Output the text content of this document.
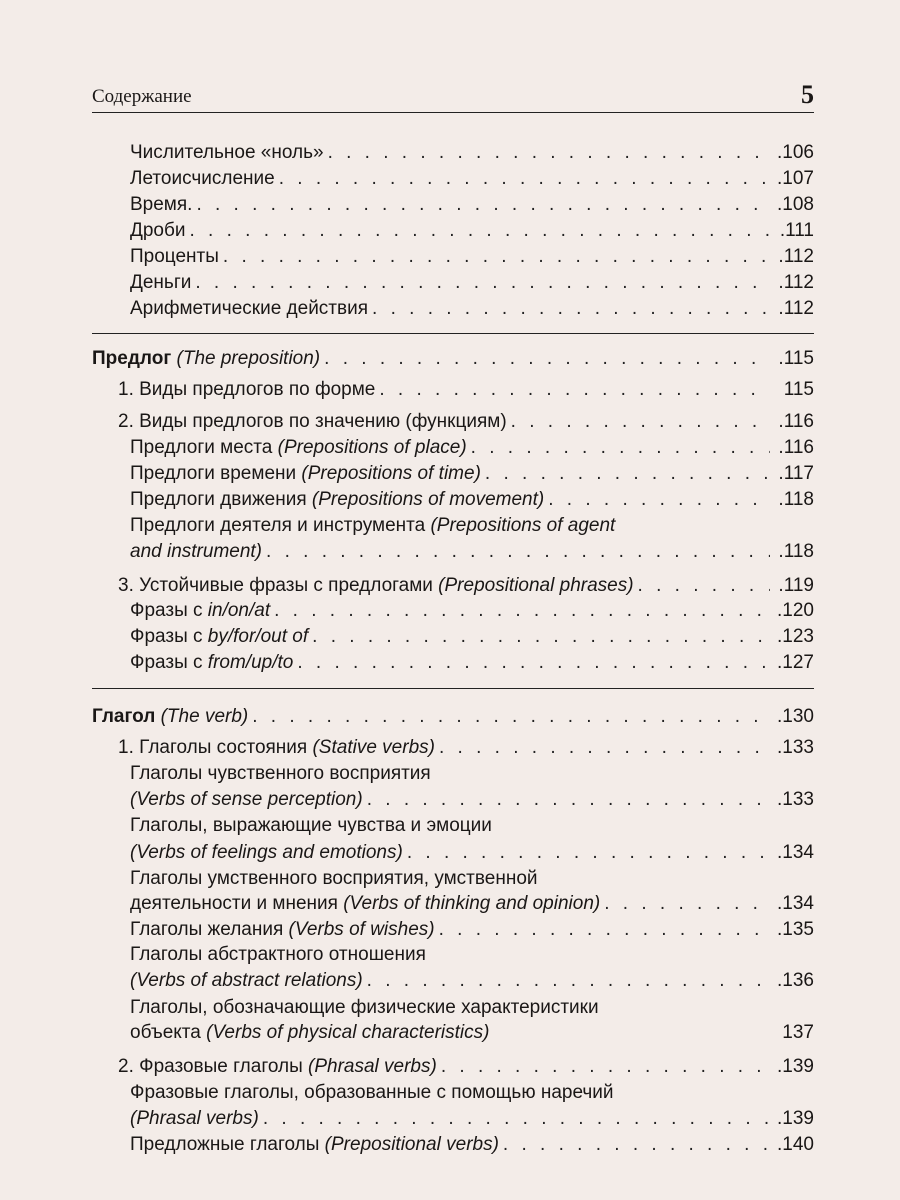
Содержание	5
Числительное «ноль» . . .	.106
Летоисчисление . . .	.107
Время. . . .	.108
Дроби . . .	.111
Проценты . . .	.112
Деньги . . .	.112
Арифметические действия . . .	.112
Предлог (The preposition) . . .	.115
1. Виды предлогов по форме . . .	115
2. Виды предлогов по значению (функциям) . . .	.116
Предлоги места (Prepositions of place) . . .	.116
Предлоги времени (Prepositions of time) . . .	.117
Предлоги движения (Prepositions of movement) . . .	.118
Предлоги деятеля и инструмента (Prepositions of agent
and instrument) . . .	.118
3. Устойчивые фразы с предлогами (Prepositional phrases) . . .	.119
Фразы с in/on/at . . .	.120
Фразы с by/for/out of . . .	.123
Фразы с from/up/to . . .	.127
Глагол (The verb) . . .	.130
1. Глаголы состояния (Stative verbs) . . .	.133
Глаголы чувственного восприятия
(Verbs of sense perception) . . .	.133
Глаголы, выражающие чувства и эмоции
(Verbs of feelings and emotions) . . .	.134
Глаголы умственного восприятия, умственной
деятельности и мнения (Verbs of thinking and opinion) . . .	.134
Глаголы желания (Verbs of wishes) . . .	.135
Глаголы абстрактного отношения
(Verbs of abstract relations) . . .	.136
Глаголы, обозначающие физические характеристики
объекта (Verbs of physical characteristics)	137
2. Фразовые глаголы (Phrasal verbs) . . .	.139
Фразовые глаголы, образованные с помощью наречий
(Phrasal verbs) . . .	.139
Предложные глаголы (Prepositional verbs) . . .	.140
